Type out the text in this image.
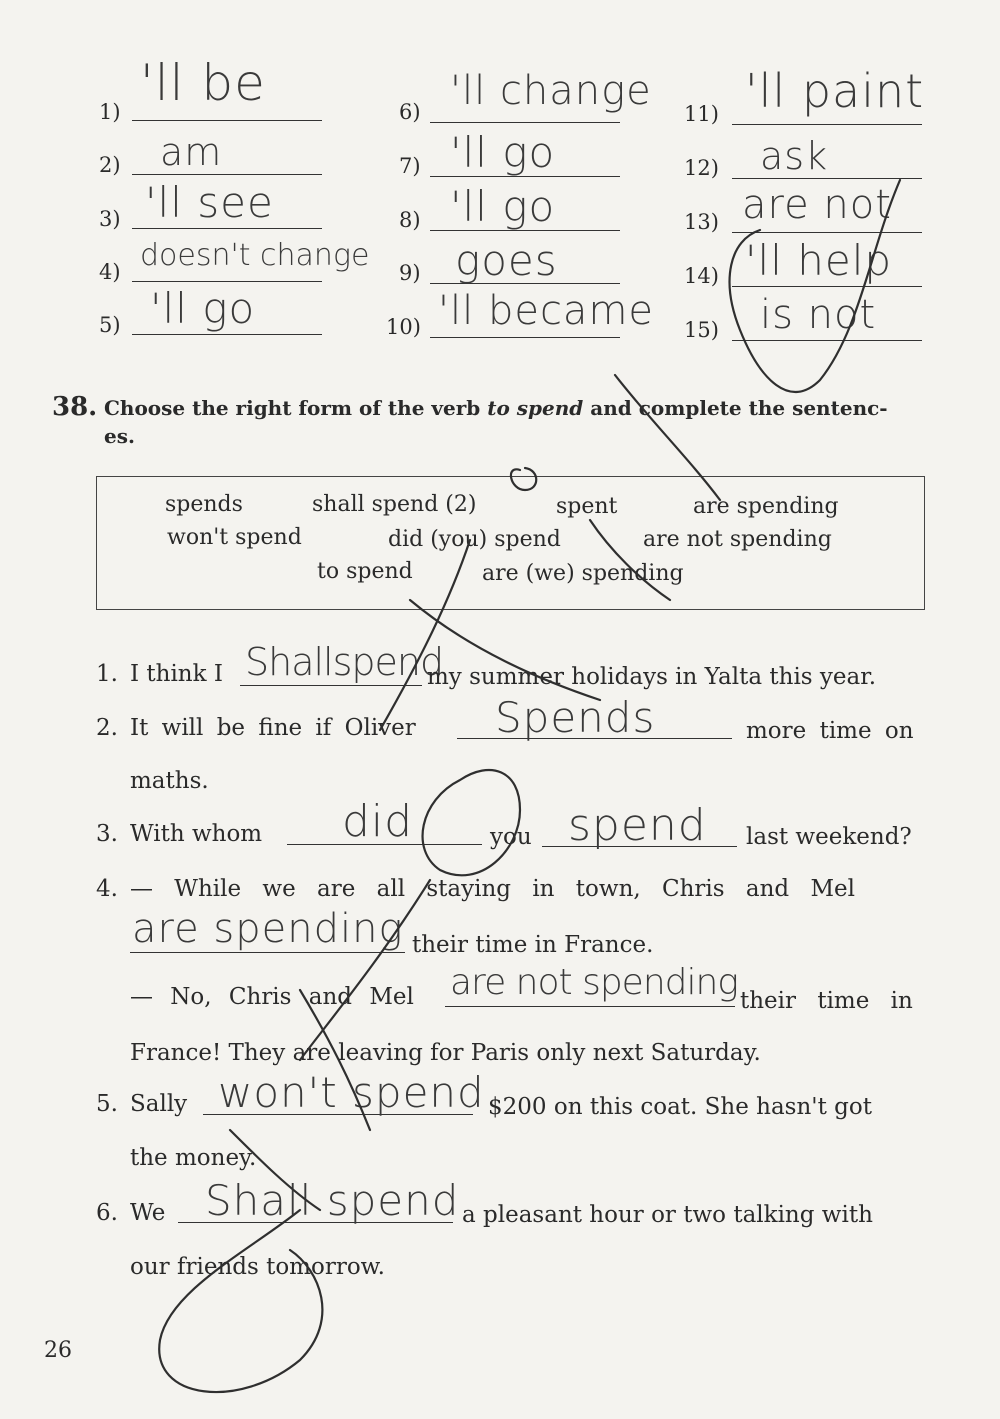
1) 'll be
2) am
3) 'll see
4) doesn't change
5) 'll go
6) 'll change
7) 'll go
8) 'll go
9) goes
10) 'll became
11) 'll paint
12) ask
13) are not
14) 'll help
15) is not
38. Choose the right form of the verb to spend and complete the sentenc-
es.
spends	shall spend (2)	spent	are spending
won't spend	did (you) spend	are not spending
to spend	are (we) spending
1. I think I Shallspend
my summer holidays in Yalta this year.
2. It will be fine if Oliver Spends	more time on
maths.
3. With whom did	you spend last weekend?
4. — While we are all staying in town, Chris and Mel
are spending their time in France.
— No, Chris and Mel are not spending their time in
France! They are leaving for Paris only next Saturday.
5. Sally won't spend $200 on this coat. She hasn't got
the money.
6. We Shall spend a pleasant hour or two talking with
our friends tomorrow.
26
